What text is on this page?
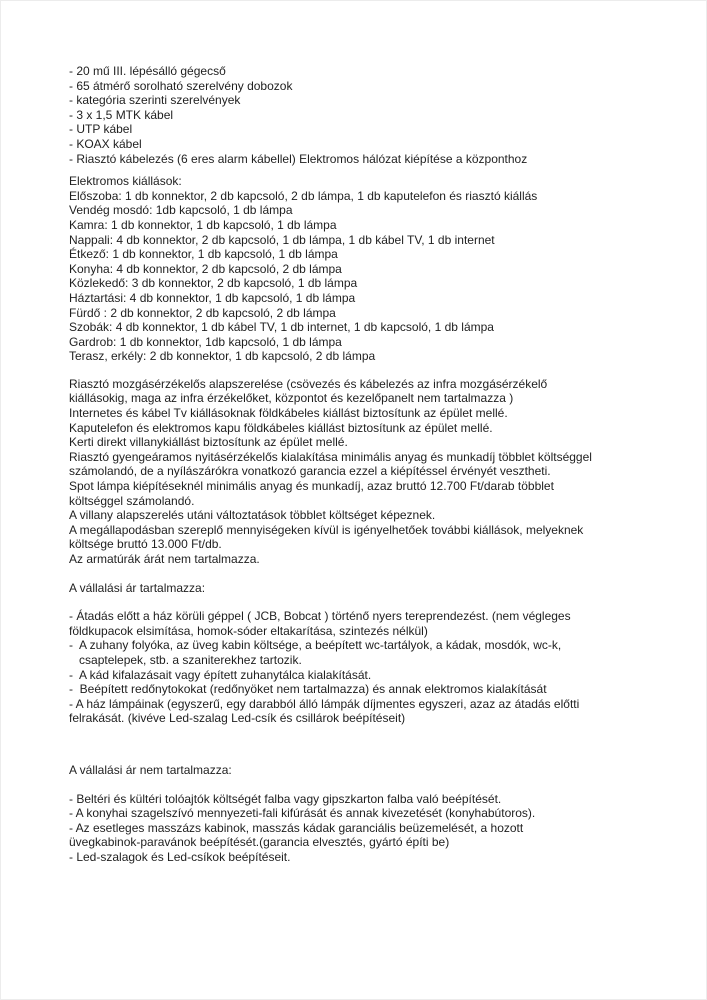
- 20 mű III. lépésálló gégecső
- 65 átmérő sorolható szerelvény dobozok
- kategória szerinti szerelvények
- 3 x 1,5 MTK kábel
- UTP kábel
- KOAX kábel
- Riasztó kábelezés (6 eres alarm kábellel) Elektromos hálózat kiépítése a központhoz
Elektromos kiállások:
Előszoba: 1 db konnektor, 2 db kapcsoló, 2 db lámpa, 1 db kaputelefon és riasztó kiállás
Vendég mosdó: 1db kapcsoló, 1 db lámpa
Kamra: 1 db konnektor, 1 db kapcsoló, 1 db lámpa
Nappali: 4 db konnektor, 2 db kapcsoló, 1 db lámpa, 1 db kábel TV, 1 db internet
Étkező: 1 db konnektor, 1 db kapcsoló, 1 db lámpa
Konyha: 4 db konnektor, 2 db kapcsoló, 2 db lámpa
Közlekedő: 3 db konnektor, 2 db kapcsoló, 1 db lámpa
Háztartási: 4 db konnektor, 1 db kapcsoló, 1 db lámpa
Fürdő : 2 db konnektor, 2 db kapcsoló, 2 db lámpa
Szobák: 4 db konnektor, 1 db kábel TV, 1 db internet, 1 db kapcsoló, 1 db lámpa
Gardrob: 1 db konnektor, 1db kapcsoló, 1 db lámpa
Terasz, erkély: 2 db konnektor, 1 db kapcsoló, 2 db lámpa
Riasztó mozgásérzékelős alapszerelése (csövezés és kábelezés az infra mozgásérzékelő
kiállásokig, maga az infra érzékelőket, központot és kezelőpanelt nem tartalmazza )
Internetes és kábel Tv kiállásoknak földkábeles kiállást biztosítunk az épület mellé.
Kaputelefon és elektromos kapu földkábeles kiállást biztosítunk az épület mellé.
Kerti direkt villanykiállást biztosítunk az épület mellé.
Riasztó gyengeáramos nyitásérzékelős kialakítása minimális anyag és munkadíj többlet költséggel
számolandó, de a nyílászárókra vonatkozó garancia ezzel a kiépítéssel érvényét vesztheti.
Spot lámpa kiépítéseknél minimális anyag és munkadíj, azaz bruttó 12.700 Ft/darab többlet
költséggel számolandó.
A villany alapszerelés utáni változtatások többlet költséget képeznek.
A megállapodásban szereplő mennyiségeken kívül is igényelhetőek további kiállások, melyeknek
költsége bruttó 13.000 Ft/db.
Az armatúrák árát nem tartalmazza.
A vállalási ár tartalmazza:
- Átadás előtt a ház körüli géppel ( JCB, Bobcat ) történő nyers tereprendezést. (nem végleges
földkupacok elsimítása, homok-sóder eltakarítása, szintezés nélkül)
-  A zuhany folyóka, az üveg kabin költsége, a beépített wc-tartályok, a kádak, mosdók, wc-k,
csaptelepek, stb. a szaniterekhez tartozik.
-  A kád kifalazásait vagy épített zuhanytálca kialakítását.
-  Beépített redőnytokokat (redőnyöket nem tartalmazza) és annak elektromos kialakítását
- A ház lámpáinak (egyszerű, egy darabból álló lámpák díjmentes egyszeri, azaz az átadás előtti
felrakását. (kivéve Led-szalag Led-csík és csillárok beépítéseit)
A vállalási ár nem tartalmazza:
- Beltéri és kültéri tolóajtók költségét falba vagy gipszkarton falba való beépítését.
- A konyhai szagelszívó mennyezeti-fali kifúrását és annak kivezetését (konyhabútoros).
- Az esetleges masszázs kabinok, masszás kádak garanciális beüzemelését, a hozott
üvegkabinok-paravánok beépítését.(garancia elvesztés, gyártó építi be)
- Led-szalagok és Led-csíkok beépítéseit.
